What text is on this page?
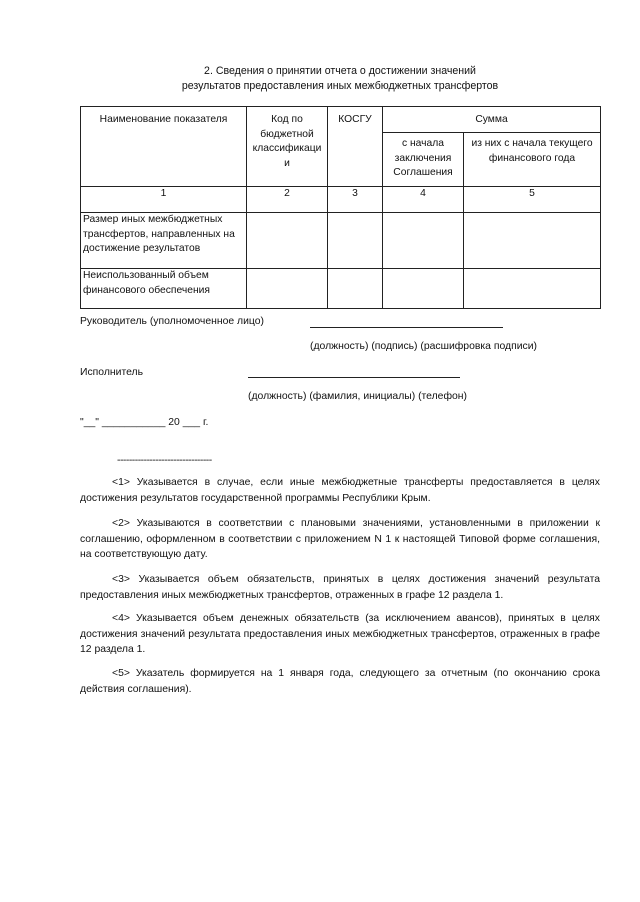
2. Сведения о принятии отчета о достижении значений
результатов предоставления иных межбюджетных трансфертов
Наименование показателя	Код по бюджетной классификаци и	КОСГУ	Сумма	
			с начала заключения Соглашения	из них с начала текущего финансового года
1	2	3	4	5
Размер иных межбюджетных трансфертов, направленных на достижение результатов				
Неиспользованный объем финансового обеспечения				
Руководитель (уполномоченное лицо)
(должность) (подпись) (расшифровка подписи)
Исполнитель
(должность) (фамилия, инициалы) (телефон)
"__" ___________ 20 ___ г.
--------------------------------
<1> Указывается в случае, если иные межбюджетные трансферты предоставляется в целях достижения результатов государственной программы Республики Крым.
<2> Указываются в соответствии с плановыми значениями, установленными в приложении к соглашению, оформленном в соответствии с приложением N 1 к настоящей Типовой форме соглашения, на соответствующую дату.
<3> Указывается объем обязательств, принятых в целях достижения значений результата предоставления иных межбюджетных трансфертов, отраженных в графе 12 раздела 1.
<4> Указывается объем денежных обязательств (за исключением авансов), принятых в целях достижения значений результата предоставления иных межбюджетных трансфертов, отраженных в графе 12 раздела 1.
<5> Указатель формируется на 1 января года, следующего за отчетным (по окончанию срока действия соглашения).
